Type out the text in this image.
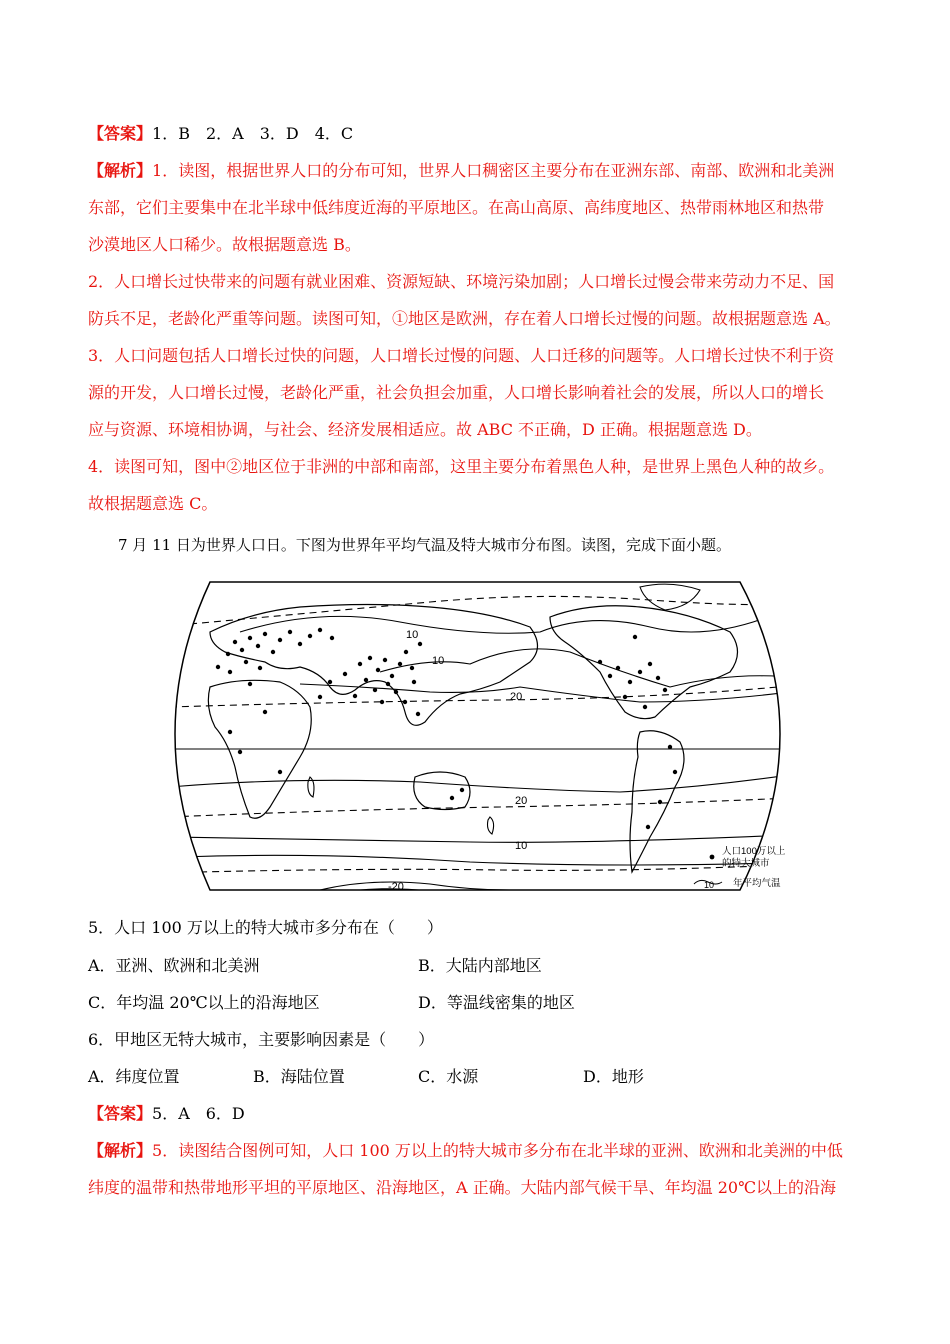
【答案】1．B　2．A　3．D　4．C
【解析】1．读图，根据世界人口的分布可知，世界人口稠密区主要分布在亚洲东部、南部、欧洲和北美洲
东部，它们主要集中在北半球中低纬度近海的平原地区。在高山高原、高纬度地区、热带雨林地区和热带
沙漠地区人口稀少。故根据题意选 B。
2．人口增长过快带来的问题有就业困难、资源短缺、环境污染加剧；人口增长过慢会带来劳动力不足、国
防兵不足，老龄化严重等问题。读图可知，①地区是欧洲，存在着人口增长过慢的问题。故根据题意选 A。
3．人口问题包括人口增长过快的问题，人口增长过慢的问题、人口迁移的问题等。人口增长过快不利于资
源的开发，人口增长过慢，老龄化严重，社会负担会加重，人口增长影响着社会的发展，所以人口的增长
应与资源、环境相协调，与社会、经济发展相适应。故 ABC 不正确，D 正确。根据题意选 D。
4．读图可知，图中②地区位于非洲的中部和南部，这里主要分布着黑色人种，是世界上黑色人种的故乡。
故根据题意选 C。
7 月 11 日为世界人口日。下图为世界年平均气温及特大城市分布图。读图，完成下面小题。
10
10
20
20
10
-20
人口100万以上
的特大城市
10 年平均气温
5．人口 100 万以上的特大城市多分布在（　　）
A．亚洲、欧洲和北美洲	B．大陆内部地区
C．年均温 20℃以上的沿海地区	D．等温线密集的地区
6．甲地区无特大城市，主要影响因素是（　　）
A．纬度位置	B．海陆位置	C．水源	D．地形
【答案】5．A　6．D
【解析】5．读图结合图例可知，人口 100 万以上的特大城市多分布在北半球的亚洲、欧洲和北美洲的中低
纬度的温带和热带地形平坦的平原地区、沿海地区，A 正确。大陆内部气候干旱、年均温 20℃以上的沿海
